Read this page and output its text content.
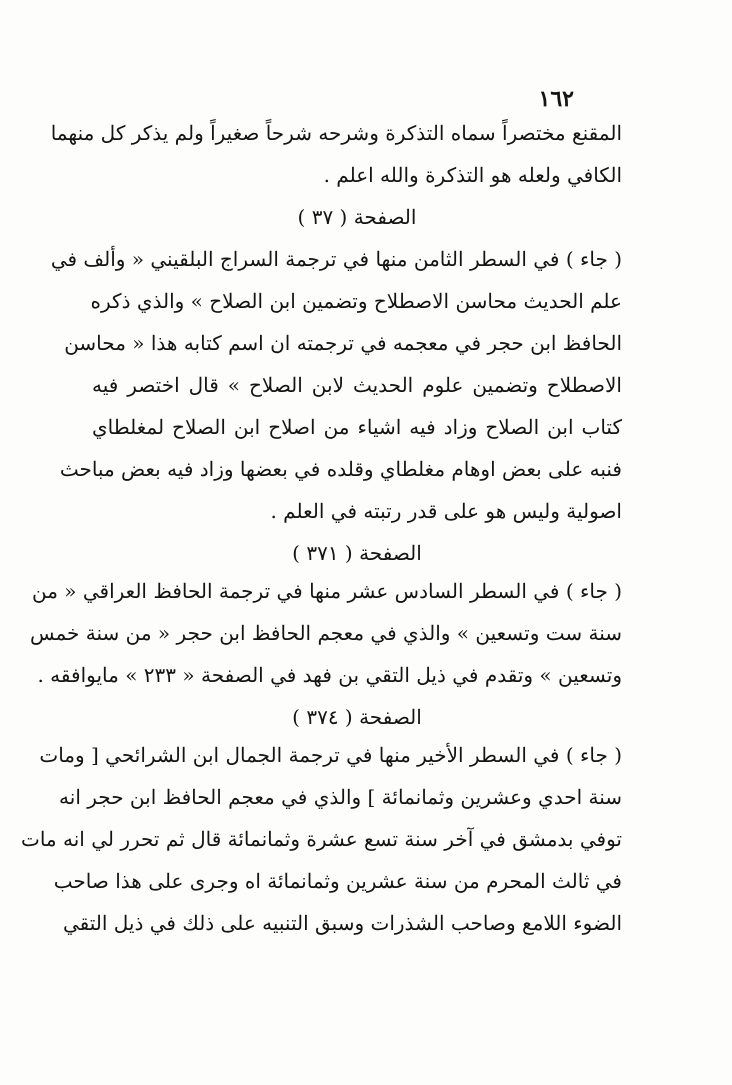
١٦٢
المقنع مختصراً سماه التذكرة وشرحه شرحاً صغيراً ولم يذكر كل منهما
الكافي ولعله هو التذكرة والله اعلم .
الصفحة ( ٣٧ )
( جاء ) في السطر الثامن منها في ترجمة السراج البلقيني « وألف في
علم الحديث محاسن الاصطلاح وتضمين ابن الصلاح » والذي ذكره
الحافظ ابن حجر في معجمه في ترجمته ان اسم كتابه هذا « محاسن
الاصطلاح وتضمين علوم الحديث لابن الصلاح » قال اختصر فيه
كتاب ابن الصلاح وزاد فيه اشياء من اصلاح ابن الصلاح لمغلطاي
فنبه على بعض اوهام مغلطاي وقلده في بعضها وزاد فيه بعض مباحث
اصولية وليس هو على قدر رتبته في العلم .
الصفحة ( ٣٧١ )
( جاء ) في السطر السادس عشر منها في ترجمة الحافظ العراقي « من
سنة ست وتسعين » والذي في معجم الحافظ ابن حجر « من سنة خمس
وتسعين » وتقدم في ذيل التقي بن فهد في الصفحة « ٢٣٣ » مايوافقه .
الصفحة ( ٣٧٤ )
( جاء ) في السطر الأخير منها في ترجمة الجمال ابن الشرائحي [ ومات
سنة احدي وعشرين وثمانمائة ] والذي في معجم الحافظ ابن حجر انه
توفي بدمشق في آخر سنة تسع عشرة وثمانمائة قال ثم تحرر لي انه مات
في ثالث المحرم من سنة عشرين وثمانمائة اه وجرى على هذا صاحب
الضوء اللامع وصاحب الشذرات وسبق التنبيه على ذلك في ذيل التقي
